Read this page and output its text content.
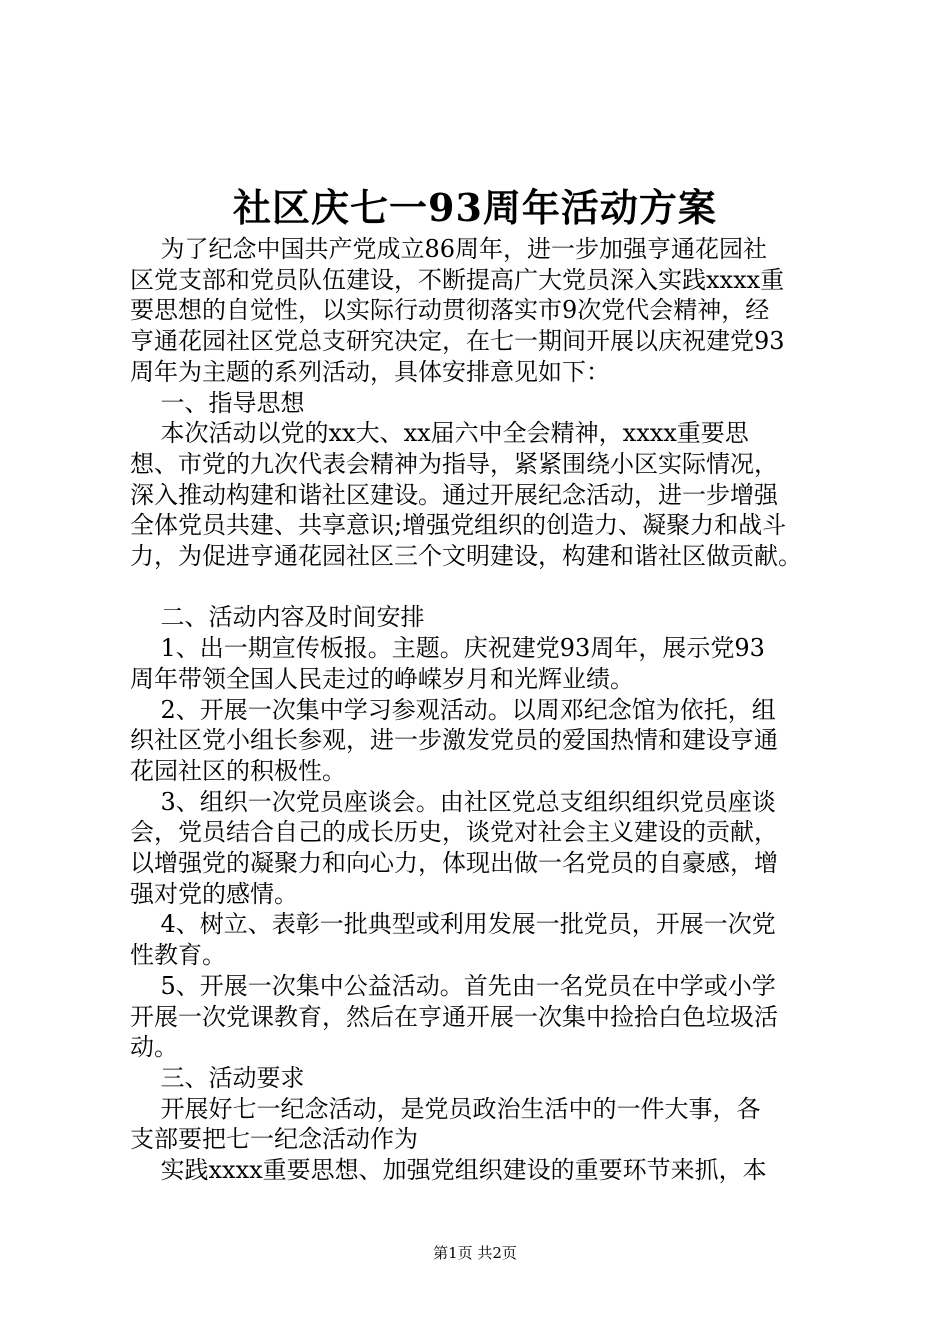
社区庆七一93周年活动方案

为了纪念中国共产党成立86周年，进一步加强亨通花园社

区党支部和党员队伍建设，不断提高广大党员深入实践xxxx重

要思想的自觉性，以实际行动贯彻落实市9次党代会精神，经

亨通花园社区党总支研究决定，在七一期间开展以庆祝建党93

周年为主题的系列活动，具体安排意见如下：

一、指导思想

本次活动以党的xx大、xx届六中全会精神，xxxx重要思

想、市党的九次代表会精神为指导，紧紧围绕小区实际情况，

深入推动构建和谐社区建设。通过开展纪念活动，进一步增强

全体党员共建、共享意识;增强党组织的创造力、凝聚力和战斗

力，为促进亨通花园社区三个文明建设，构建和谐社区做贡献。

二、活动内容及时间安排

1、出一期宣传板报。主题。庆祝建党93周年，展示党93

周年带领全国人民走过的峥嵘岁月和光辉业绩。

2、开展一次集中学习参观活动。以周邓纪念馆为依托，组

织社区党小组长参观，进一步激发党员的爱国热情和建设亨通

花园社区的积极性。

3、组织一次党员座谈会。由社区党总支组织组织党员座谈

会，党员结合自己的成长历史，谈党对社会主义建设的贡献，

以增强党的凝聚力和向心力，体现出做一名党员的自豪感，增

强对党的感情。

4、树立、表彰一批典型或利用发展一批党员，开展一次党

性教育。

5、开展一次集中公益活动。首先由一名党员在中学或小学

开展一次党课教育，然后在亨通开展一次集中捡拾白色垃圾活

动。

三、活动要求

开展好七一纪念活动，是党员政治生活中的一件大事，各

支部要把七一纪念活动作为

实践xxxx重要思想、加强党组织建设的重要环节来抓，本

第1页 共2页
